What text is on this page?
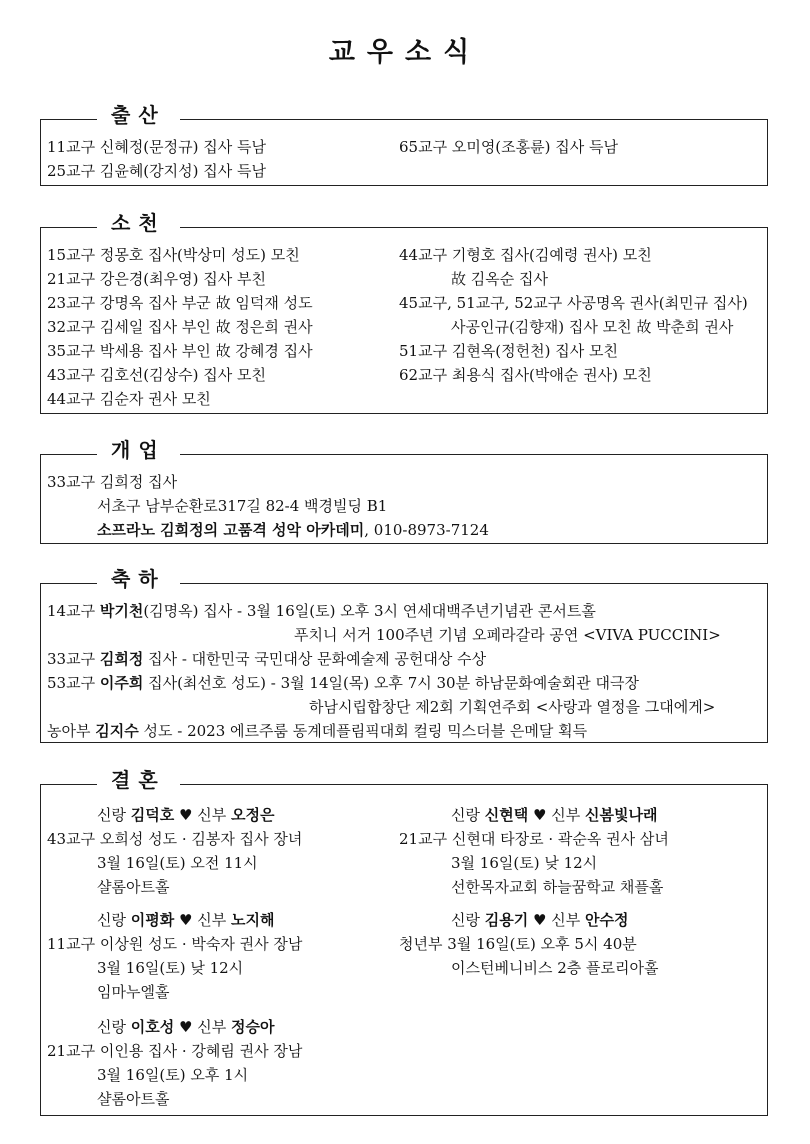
교우소식
출산
11교구 신혜정(문정규) 집사 득남
25교구 김윤혜(강지성) 집사 득남
65교구 오미영(조홍륜) 집사 득남
소천
15교구 정몽호 집사(박상미 성도) 모친
21교구 강은경(최우영) 집사 부친
23교구 강명옥 집사 부군 故 임덕재 성도
32교구 김세일 집사 부인 故 정은희 권사
35교구 박세용 집사 부인 故 강혜경 집사
43교구 김호선(김상수) 집사 모친
44교구 김순자 권사 모친
44교구 기형호 집사(김예령 권사) 모친
故 김옥순 집사
45교구, 51교구, 52교구 사공명옥 권사(최민규 집사)
사공인규(김향재) 집사 모친 故 박춘희 권사
51교구 김현옥(정헌천) 집사 모친
62교구 최용식 집사(박애순 권사) 모친
개업
33교구 김희정 집사
서초구 남부순환로317길 82-4 백경빌딩 B1
소프라노 김희정의 고품격 성악 아카데미, 010-8973-7124
축하
14교구 박기천(김명옥) 집사 - 3월 16일(토) 오후 3시 연세대백주년기념관 콘서트홀
푸치니 서거 100주년 기념 오페라갈라 공연 <VIVA PUCCINI>
33교구 김희정 집사 - 대한민국 국민대상 문화예술제 공헌대상 수상
53교구 이주희 집사(최선호 성도) - 3월 14일(목) 오후 7시 30분 하남문화예술회관 대극장
하남시립합창단 제2회 기획연주회 <사랑과 열정을 그대에게>
농아부 김지수 성도 - 2023 에르주룸 동계데플림픽대회 컬링 믹스더블 은메달 획득
결혼
신랑 김덕호 ♥ 신부 오정은
43교구 오희성 성도 · 김봉자 집사 장녀
3월 16일(토) 오전 11시
샬롬아트홀
신랑 신현택 ♥ 신부 신봄빛나래
21교구 신현대 타장로 · 곽순옥 권사 삼녀
3월 16일(토) 낮 12시
선한목자교회 하늘꿈학교 채플홀
신랑 이평화 ♥ 신부 노지해
11교구 이상원 성도 · 박숙자 권사 장남
3월 16일(토) 낮 12시
임마누엘홀
신랑 김용기 ♥ 신부 안수정
청년부 3월 16일(토) 오후 5시 40분
이스턴베니비스 2층 플로리아홀
신랑 이호성 ♥ 신부 정승아
21교구 이인용 집사 · 강혜림 권사 장남
3월 16일(토) 오후 1시
샬롬아트홀
